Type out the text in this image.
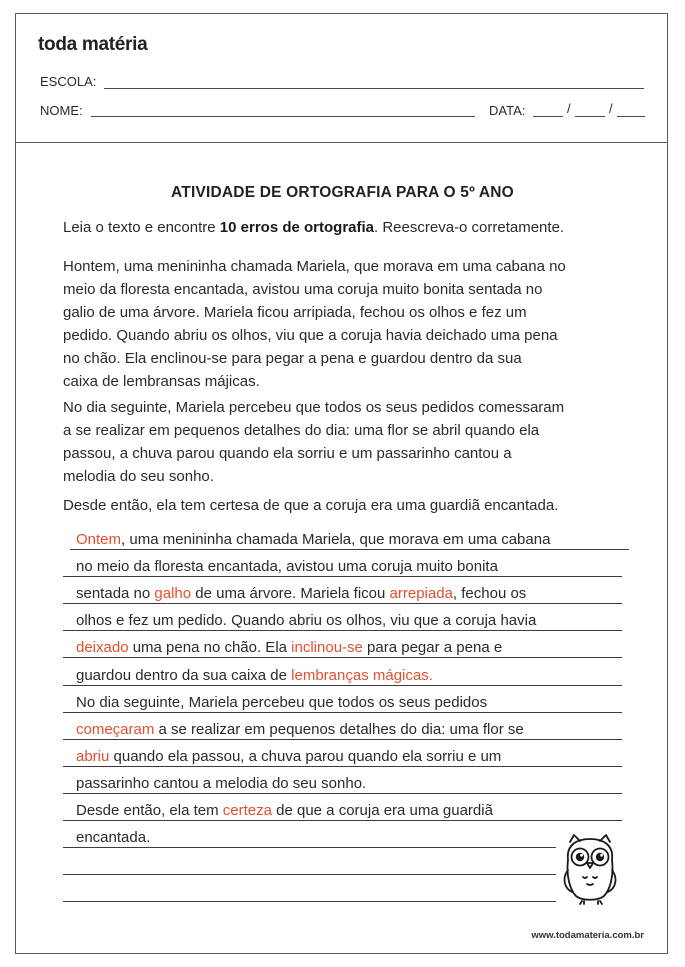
toda matéria
ESCOLA:
NOME:	DATA:	/	/
ATIVIDADE DE ORTOGRAFIA PARA O 5º ANO
Leia o texto e encontre 10 erros de ortografia. Reescreva-o corretamente.
Hontem, uma menininha chamada Mariela, que morava em uma cabana no
meio da floresta encantada, avistou uma coruja muito bonita sentada no
galio de uma árvore. Mariela ficou arripiada, fechou os olhos e fez um
pedido. Quando abriu os olhos, viu que a coruja havia deichado uma pena
no chão. Ela enclinou-se para pegar a pena e guardou dentro da sua
caixa de lembransas májicas.
No dia seguinte, Mariela percebeu que todos os seus pedidos comessaram
a se realizar em pequenos detalhes do dia: uma flor se abril quando ela
passou, a chuva parou quando ela sorriu e um passarinho cantou a
melodia do seu sonho.
Desde então, ela tem certesa de que a coruja era uma guardiã encantada.
Ontem, uma menininha chamada Mariela, que morava em uma cabana
no meio da floresta encantada, avistou uma coruja muito bonita
sentada no galho de uma árvore. Mariela ficou arrepiada, fechou os
olhos e fez um pedido. Quando abriu os olhos, viu que a coruja havia
deixado uma pena no chão. Ela inclinou-se para pegar a pena e
guardou dentro da sua caixa de lembranças mágicas.
No dia seguinte, Mariela percebeu que todos os seus pedidos
começaram a se realizar em pequenos detalhes do dia: uma flor se
abriu quando ela passou, a chuva parou quando ela sorriu e um
passarinho cantou a melodia do seu sonho.
Desde então, ela tem certeza de que a coruja era uma guardiã
encantada.
www.todamateria.com.br
